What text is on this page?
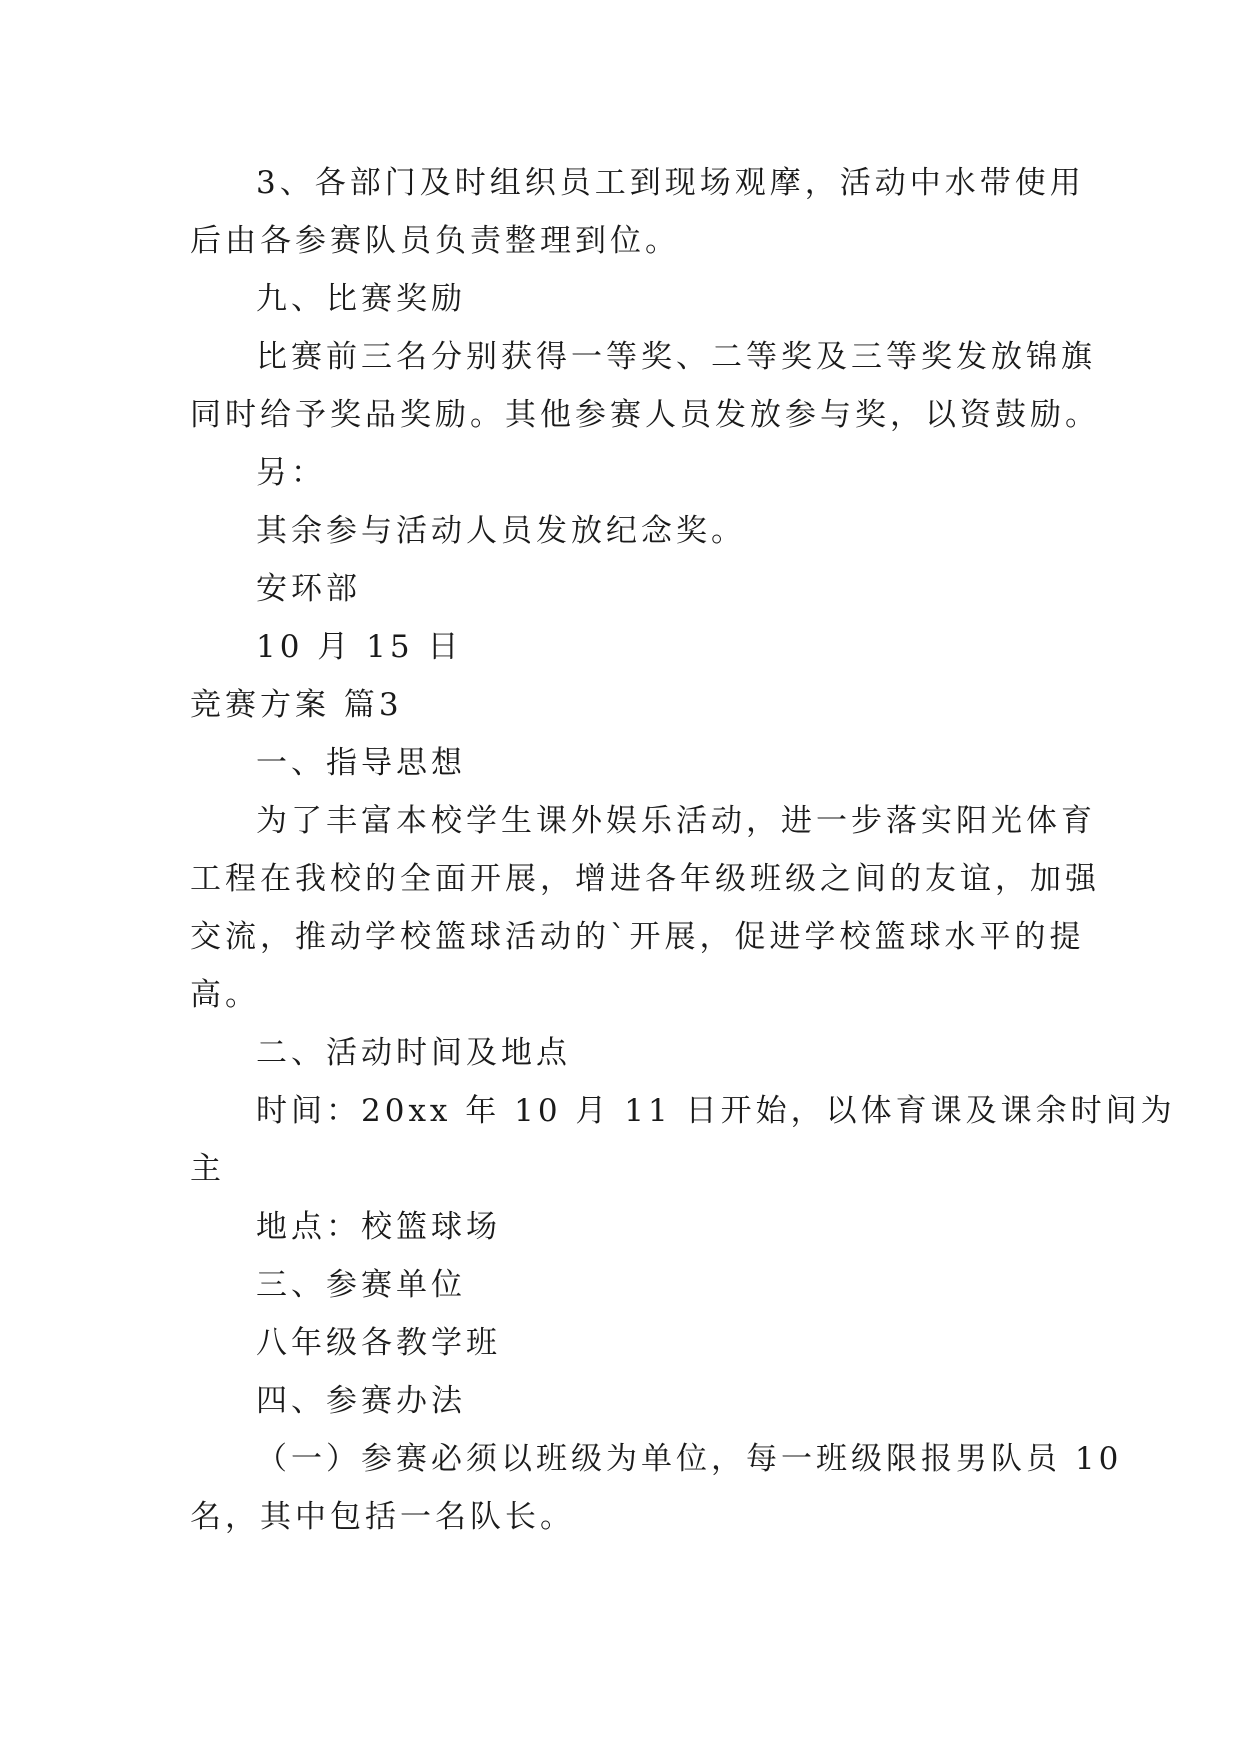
3、各部门及时组织员工到现场观摩，活动中水带使用
后由各参赛队员负责整理到位。
九、比赛奖励
比赛前三名分别获得一等奖、二等奖及三等奖发放锦旗
同时给予奖品奖励。其他参赛人员发放参与奖，以资鼓励。
另：
其余参与活动人员发放纪念奖。
安环部
10 月 15 日
竞赛方案 篇3
一、指导思想
为了丰富本校学生课外娱乐活动，进一步落实阳光体育
工程在我校的全面开展，增进各年级班级之间的友谊，加强
交流，推动学校篮球活动的`开展，促进学校篮球水平的提
高。
二、活动时间及地点
时间：20xx 年 10 月 11 日开始，以体育课及课余时间为
主
地点：校篮球场
三、参赛单位
八年级各教学班
四、参赛办法
（一）参赛必须以班级为单位，每一班级限报男队员 10
名，其中包括一名队长。
